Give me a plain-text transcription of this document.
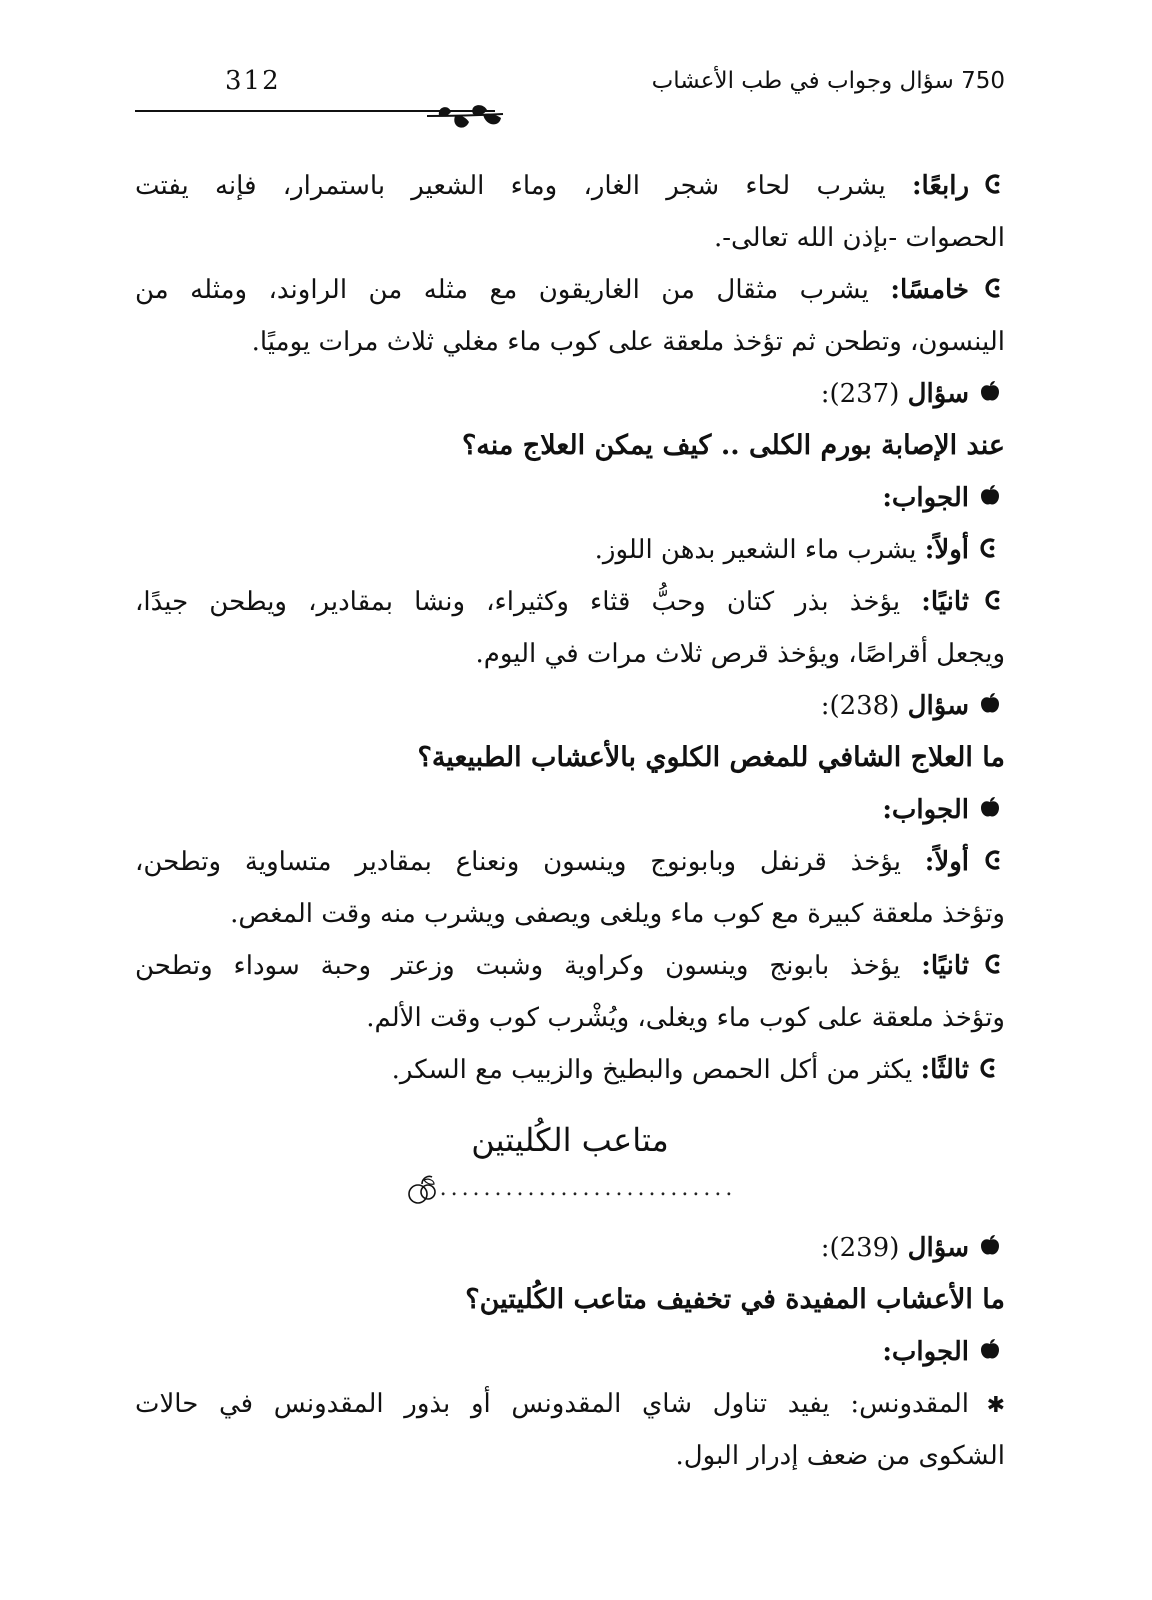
750 سؤال وجواب في طب الأعشاب
312
رابعًا: يشرب لحاء شجر الغار، وماء الشعير باستمرار، فإنه يفتت
الحصوات -بإذن الله تعالى-.
خامسًا: يشرب مثقال من الغاريقون مع مثله من الراوند، ومثله من
الينسون، وتطحن ثم تؤخذ ملعقة على كوب ماء مغلي ثلاث مرات يوميًا.
سؤال (237):
عند الإصابة بورم الكلى .. كيف يمكن العلاج منه؟
الجواب:
أولاً: يشرب ماء الشعير بدهن اللوز.
ثانيًا: يؤخذ بذر كتان وحبُّ قثاء وكثيراء، ونشا بمقادير، ويطحن جيدًا،
ويجعل أقراصًا، ويؤخذ قرص ثلاث مرات في اليوم.
سؤال (238):
ما العلاج الشافي للمغص الكلوي بالأعشاب الطبيعية؟
الجواب:
أولاً: يؤخذ قرنفل وبابونوج وينسون ونعناع بمقادير متساوية وتطحن،
وتؤخذ ملعقة كبيرة مع كوب ماء ويلغى ويصفى ويشرب منه وقت المغص.
ثانيًا: يؤخذ بابونج وينسون وكراوية وشبت وزعتر وحبة سوداء وتطحن
وتؤخذ ملعقة على كوب ماء ويغلى، ويُشْرب كوب وقت الألم.
ثالثًا: يكثر من أكل الحمص والبطيخ والزبيب مع السكر.
متاعب الكُليتين
...........................
سؤال (239):
ما الأعشاب المفيدة في تخفيف متاعب الكُليتين؟
الجواب:
✱المقدونس: يفيد تناول شاي المقدونس أو بذور المقدونس في حالات
الشكوى من ضعف إدرار البول.
